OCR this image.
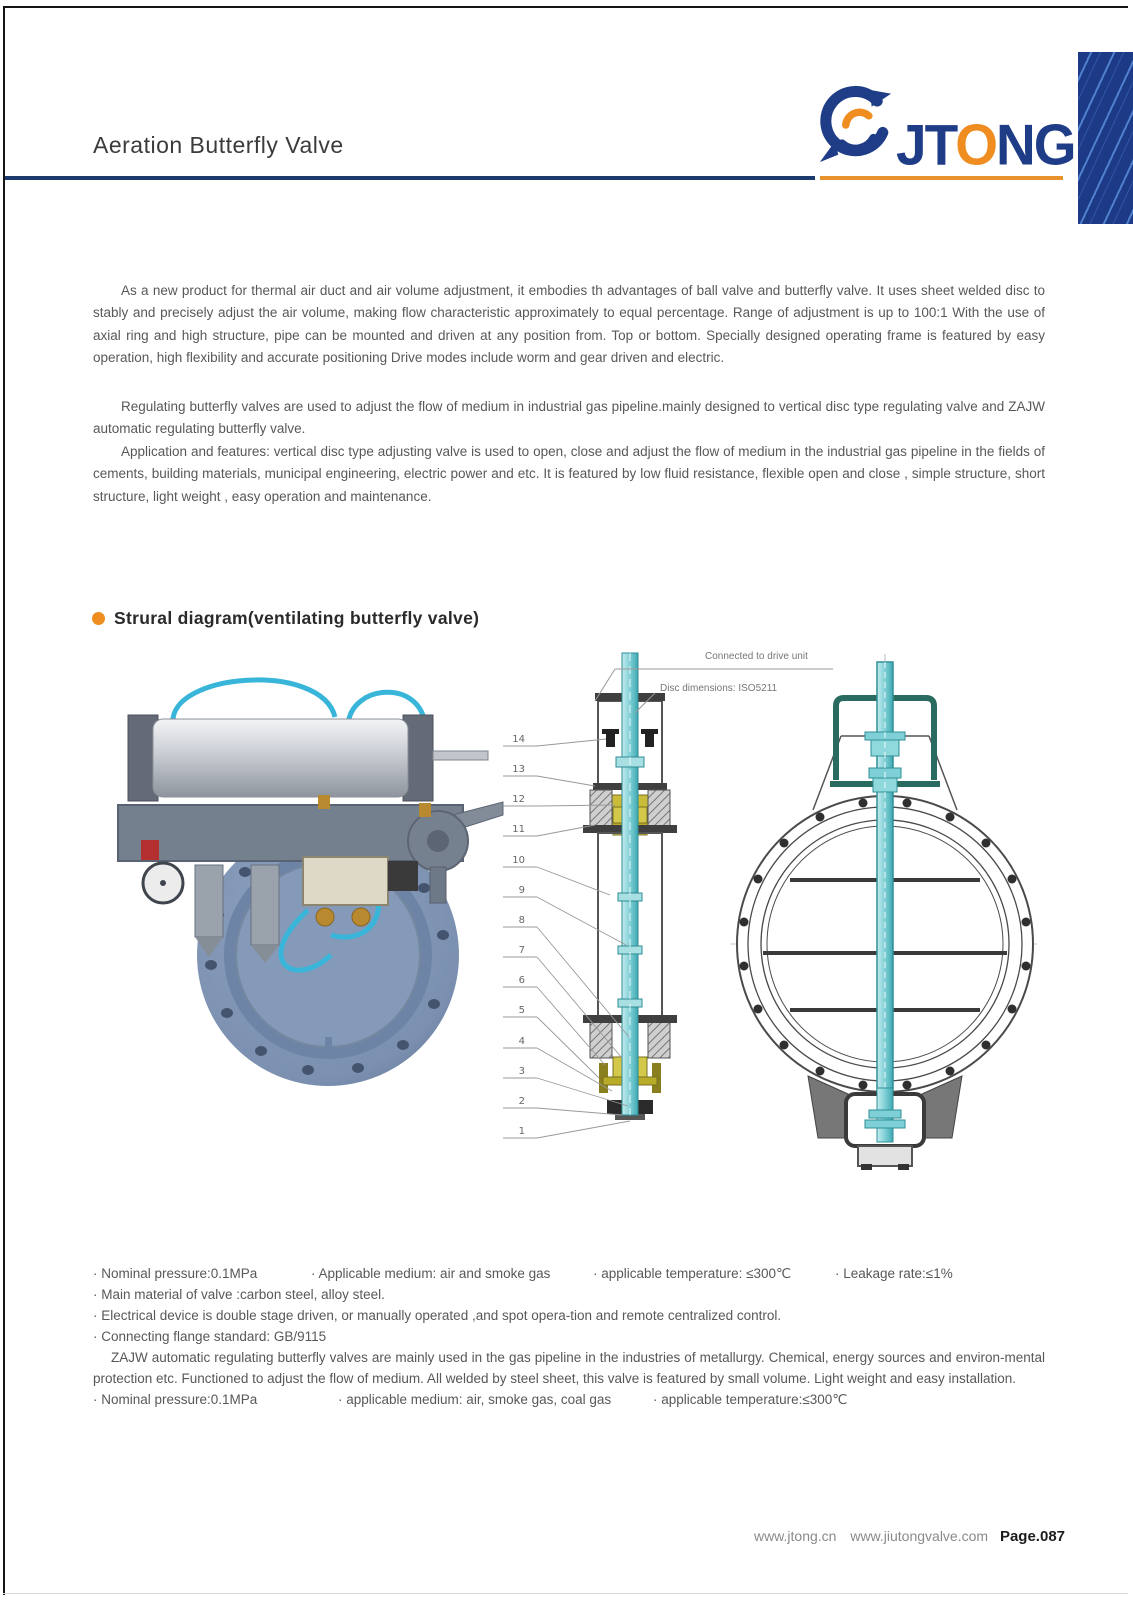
Aeration Butterfly Valve	JTONG

As a new product for thermal air duct and air volume adjustment, it embodies th advantages of ball valve and butterfly valve. It uses sheet welded disc to stably and precisely adjust the air volume, making flow characteristic approximately to equal percentage. Range of adjustment is up to 100:1 With the use of axial ring and high structure, pipe can be mounted and driven at any position from. Top or bottom. Specially designed operating frame is featured by easy operation, high flexibility and accurate positioning Drive modes include worm and gear driven and electric.

Regulating butterfly valves are used to adjust the flow of medium in industrial gas pipeline.mainly designed to vertical disc type regulating valve and ZAJW automatic regulating butterfly valve.

Application and features: vertical disc type adjusting valve is used to open, close and adjust the flow of medium in the industrial gas pipeline in the fields of cements, building materials, municipal engineering, electric power and etc. It is featured by low fluid resistance, flexible open and close , simple structure, short structure, light weight , easy operation and maintenance.

Strural diagram(ventilating butterfly valve)
14
13
12
11
10
9
8
7
6
5
4
3
2
1
Connected to drive unit
Disc dimensions: ISO5211
· Nominal pressure:0.1MPa	· Applicable medium: air and smoke gas	· applicable temperature: ≤300℃	· Leakage rate:≤1%
· Main material of valve :carbon steel, alloy steel.
· Electrical device is double stage driven, or manually operated ,and spot opera-tion and remote centralized control.
· Connecting flange standard: GB/9115
ZAJW automatic regulating butterfly valves are mainly used in the gas pipeline in the industries of metallurgy. Chemical, energy sources and environ-mental protection etc. Functioned to adjust the flow of medium. All welded by steel sheet, this valve is featured by small volume. Light weight and easy installation.
· Nominal pressure:0.1MPa	· applicable medium: air, smoke gas, coal gas	· applicable temperature:≤300℃
www.jtong.cn www.jiutongvalve.com Page.087
